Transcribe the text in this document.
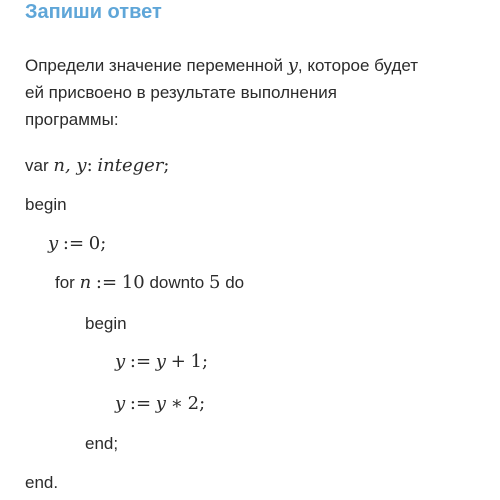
Запиши ответ
Определи значение переменной y, которое будет
ей присвоено в результате выполнения
программы:
var n, y: integer;
begin
y := 0;
for n := 10 downto 5 do
begin
y := y + 1;
y := y ∗ 2;
end;
end.
